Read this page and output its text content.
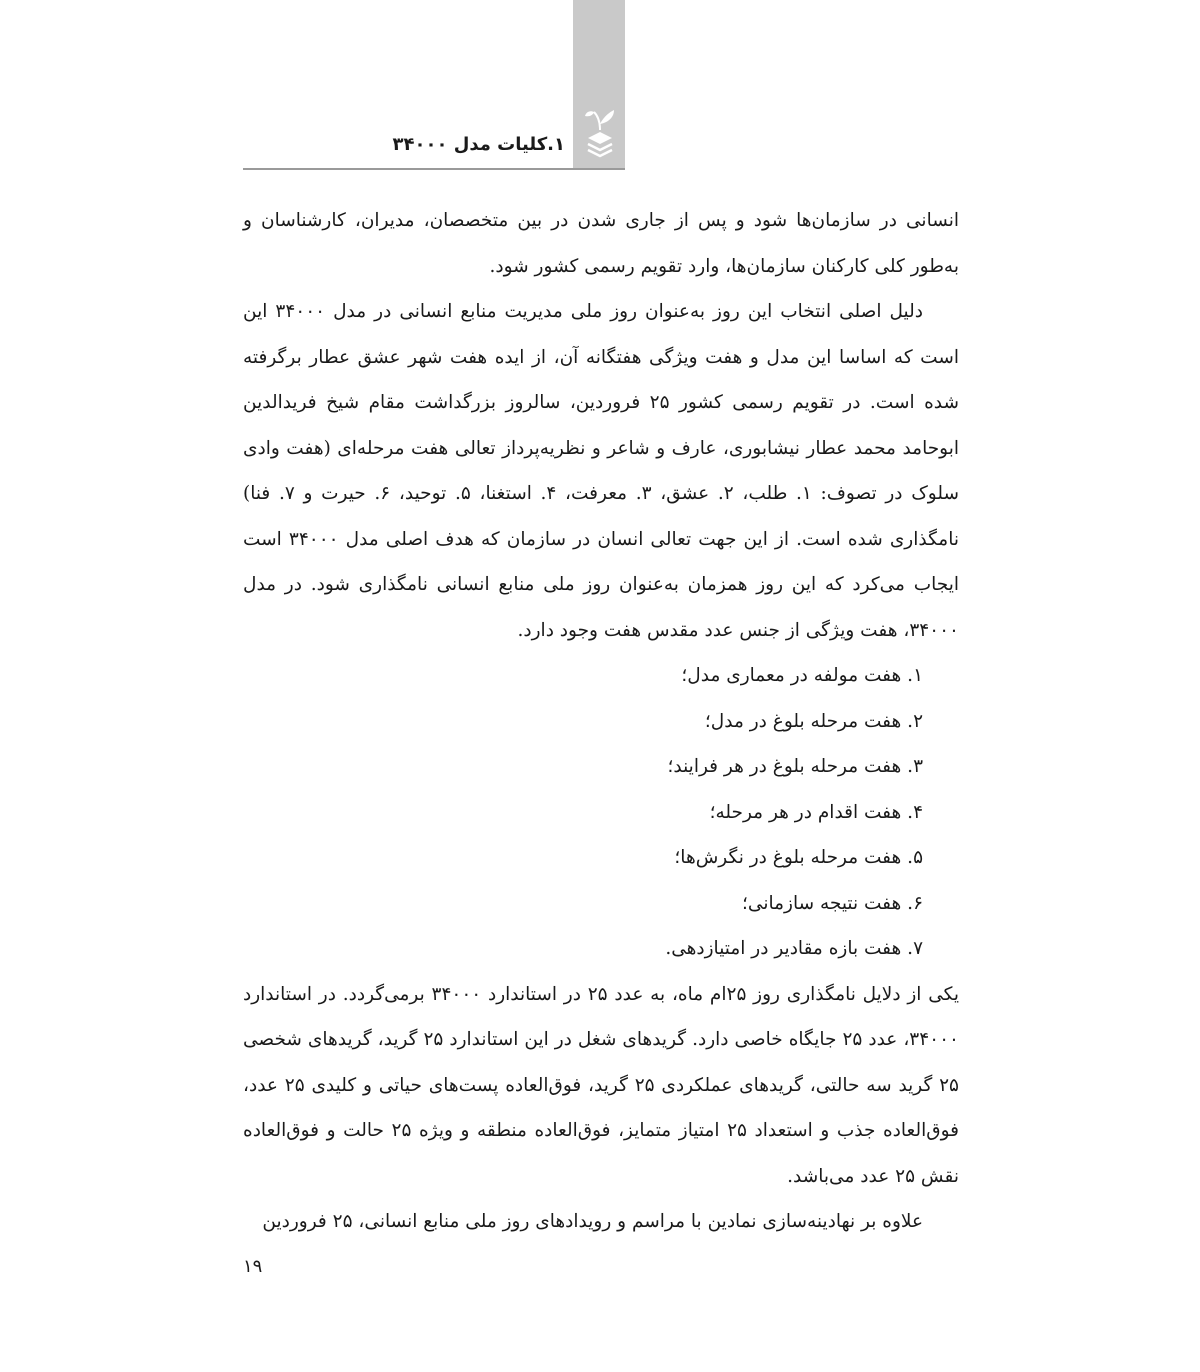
۱.کلیات مدل ۳۴۰۰۰

انسانی در سازمان‌ها شود و پس از جاری شدن در بین متخصصان، مدیران، کارشناسان و به‌طور کلی کارکنان سازمان‌ها، وارد تقویم رسمی کشور شود.

دلیل اصلی انتخاب این روز به‌عنوان روز ملی مدیریت منابع انسانی در مدل ۳۴۰۰۰ این است که اساسا این مدل و هفت ویژگی هفتگانه آن، از ایده هفت شهر عشق عطار برگرفته شده است. در تقویم رسمی کشور ۲۵ فروردین، سالروز بزرگداشت مقام شیخ فریدالدین ابوحامد محمد عطار نیشابوری، عارف و شاعر و نظریه‌پرداز تعالی هفت مرحله‌ای (هفت وادی سلوک در تصوف: ۱. طلب، ۲. عشق، ۳. معرفت، ۴. استغنا، ۵. توحید، ۶. حیرت و ۷. فنا) نامگذاری شده است. از این جهت تعالی انسان در سازمان که هدف اصلی مدل ۳۴۰۰۰ است ایجاب می‌کرد که این روز همزمان به‌عنوان روز ملی منابع انسانی نامگذاری شود. در مدل ۳۴۰۰۰، هفت ویژگی از جنس عدد مقدس هفت وجود دارد.

۱. هفت مولفه در معماری مدل؛
۲. هفت مرحله بلوغ در مدل؛
۳. هفت مرحله بلوغ در هر فرایند؛
۴. هفت اقدام در هر مرحله؛
۵. هفت مرحله بلوغ در نگرش‌ها؛
۶. هفت نتیجه سازمانی؛
۷. هفت بازه مقادیر در امتیازدهی.

یکی از دلایل نامگذاری روز ۲۵ام ماه، به عدد ۲۵ در استاندارد ۳۴۰۰۰ برمی‌گردد. در استاندارد ۳۴۰۰۰، عدد ۲۵ جایگاه خاصی دارد. گریدهای شغل در این استاندارد ۲۵ گرید، گریدهای شخصی ۲۵ گرید سه حالتی، گریدهای عملکردی ۲۵ گرید، فوق‌العاده پست‌های حیاتی و کلیدی ۲۵ عدد، فوق‌العاده جذب و استعداد ۲۵ امتیاز متمایز، فوق‌العاده منطقه و ویژه ۲۵ حالت و فوق‌العاده نقش ۲۵ عدد می‌باشد.

علاوه بر نهادینه‌سازی نمادین با مراسم و رویدادهای روز ملی منابع انسانی، ۲۵ فروردین

۱۹
